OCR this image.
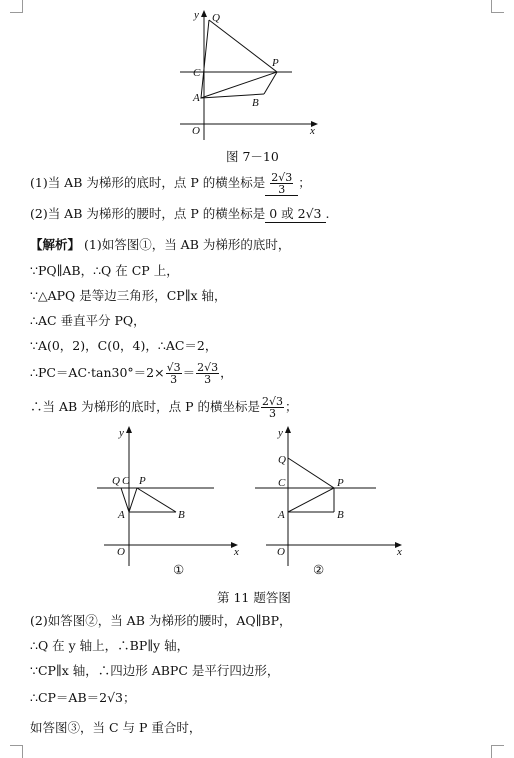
y
x
O
Q
C
A
P
B
图 7－10
(1)当 AB 为梯形的底时，点 P 的横坐标是 $\frac{2√3}{3}$ ；
(2)当 AB 为梯形的腰时，点 P 的横坐标是 0 或 2√3 .
【解析】 (1)如答图①，当 AB 为梯形的底时，
∵PQ∥AB，∴Q 在 CP 上，
∵△APQ 是等边三角形，CP∥x 轴，
∴AC 垂直平分 PQ，
∵A(0，2)，C(0，4)，∴AC＝2，
∴PC＝AC·tan30°＝2× $\frac{√3}{3} = \frac{2√3}{3}$ ，
∴当 AB 为梯形的底时，点 P 的横坐标是 $\frac{2√3}{3}$ ；
y
x
O
Q C P
A	B
①
y
x
O
Q
C	P
A	B
②
第 11 题答图
(2)如答图②，当 AB 为梯形的腰时，AQ∥BP，
∴Q 在 y 轴上，∴BP∥y 轴，
∵CP∥x 轴，∴四边形 ABPC 是平行四边形，
∴CP＝AB＝2√3；
如答图③，当 C 与 P 重合时，
